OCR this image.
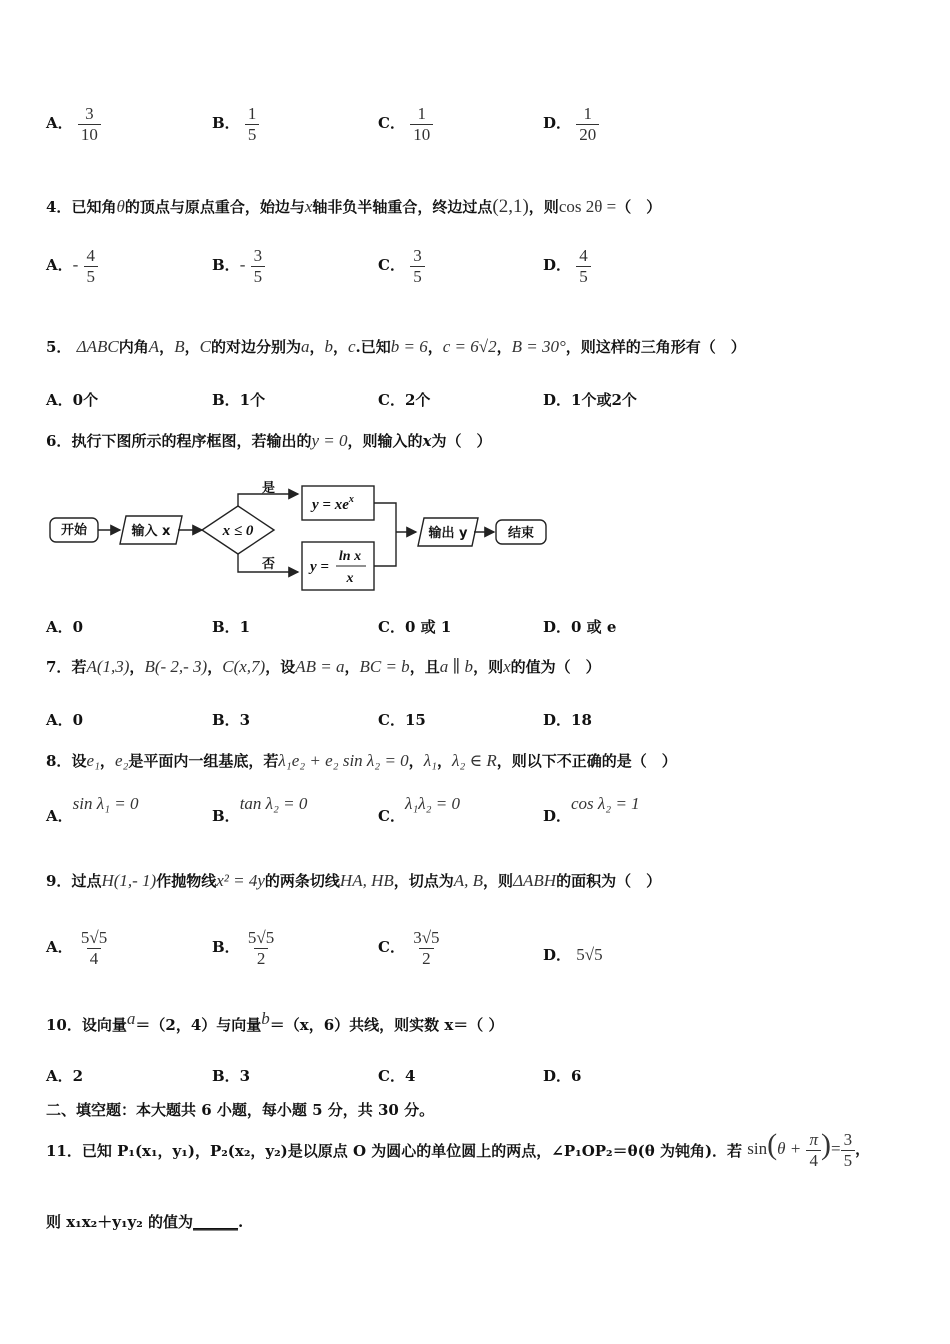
A． $\frac{3}{10}$	B． $\frac{1}{5}$	C． $\frac{1}{10}$	D． $\frac{1}{20}$
4．已知角θ的顶点与原点重合，始边与x轴非负半轴重合，终边过点(2,1)，则cos 2θ =（　）
A．- $\frac{4}{5}$	B．- $\frac{3}{5}$	C． $\frac{3}{5}$	D． $\frac{4}{5}$
5． ΔABC内角A，B，C的对边分别为a，b，c.已知b = 6，c = 6√2，B = 30°，则这样的三角形有（　）
A．0个	B．1个	C．2个	D．1个或2个
6．执行下图所示的程序框图，若输出的y = 0，则输入的x为（　）
开始	输入 x	x ≤ 0
是
否
$y = xe^x$
y =
ln x
x
输出 y	结束
A．0	B．1	C．0 或 1	D．0 或 e
7．若A(1,3)，B(- 2,- 3)，C(x,7)，设AB = a，BC = b，且a ∥ b，则x的值为（　）
A．0	B．3	C．15	D．18
8．设e₁，e₂是平面内一组基底，若λ₁e₂ + e₂ sin λ₂ = 0，λ₁，λ₂ ∈ R，则以下不正确的是（　）
A．sin λ₁ = 0
B．tan λ₂ = 0
C．λ₁λ₂ = 0
D．cos λ₂ = 1
9．过点H(1,- 1)作抛物线x² = 4y的两条切线HA, HB，切点为A, B，则ΔABH的面积为（　）
A． $\frac{5√5}{4}$	B． $\frac{5√5}{2}$	C． $\frac{3√5}{2}$	D． 5√5
10．设向量a＝（2，4）与向量b＝（x，6）共线，则实数 x＝（ ）
A．2	B．3	C．4	D．6
二、填空题：本大题共 6 小题，每小题 5 分，共 30 分。
11．已知 P₁(x₁，y₁)，P₂(x₂，y₂)是以原点 O 为圆心的单位圆上的两点，∠P₁OP₂＝θ(θ 为钝角)．若 $\sin(\theta + \frac{\pi}{4}$ )= $\frac{3}{5}$ ，
则 x₁x₂＋y₁y₂ 的值为______.
